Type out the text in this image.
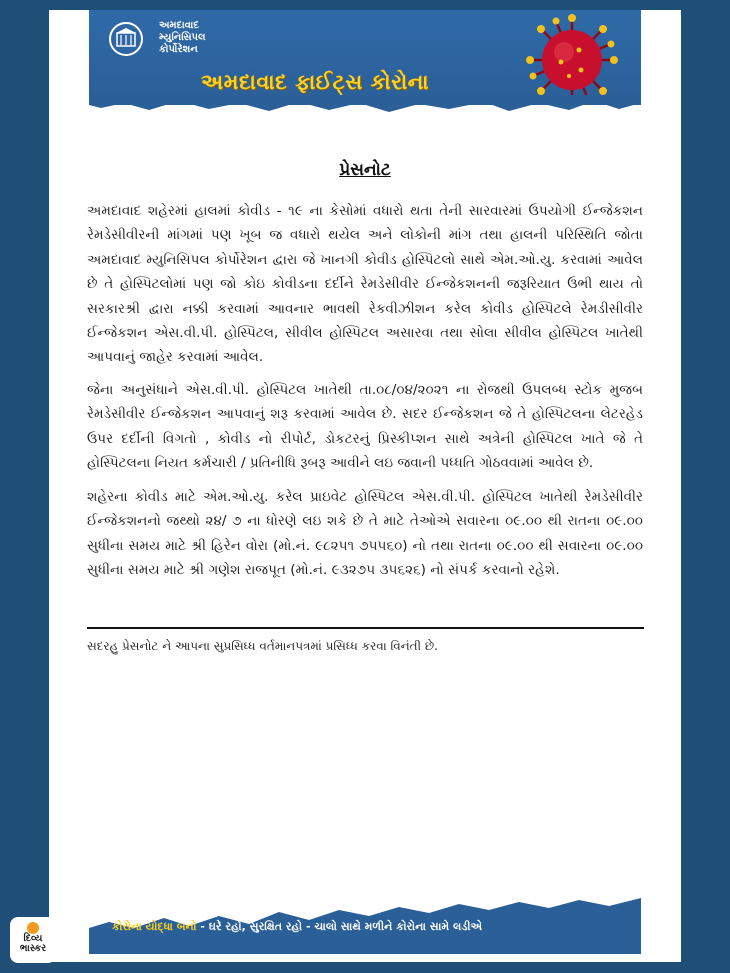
અમદાવાદ
મ્યુનિસિપલ
કોર્પોરેશન
અમદાવાદ ફાઈટ્સ કોરોના
પ્રેસનોટ

અમદાવાદ શહેરમાં હાલમાં કોવીડ - ૧૯ ના કેસોમાં વધારો થતા તેની સારવારમાં ઉપયોગી ઈન્જેકશન રેમડેસીવીરની માંગમાં પણ ખૂબ જ વધારો થયેલ અને લોકોની માંગ તથા હાલની પરિસ્થિતિ જોતા અમદાવાદ મ્યુનિસિપલ કોર્પોરેશન દ્વારા જે ખાનગી કોવીડ હોસ્પિટલો સાથે એમ.ઓ.યુ. કરવામાં આવેલ છે તે હોસ્પિટલોમાં પણ જો કોઇ કોવીડના દર્દીને રેમડેસીવીર ઈન્જેકશનની જરૂરિયાત ઉભી થાય તો સરકારશ્રી દ્વારા નક્કી કરવામાં આવનાર ભાવથી રેકવીઝીશન કરેલ કોવીડ હોસ્પિટલે રેમડીસીવીર ઈન્જેકશન એસ.વી.પી. હોસ્પિટલ, સીવીલ હોસ્પિટલ અસારવા તથા સોલા સીવીલ હોસ્પિટલ ખાતેથી આપવાનું જાહેર કરવામાં આવેલ.

જેના અનુસંધાને એસ.વી.પી. હોસ્પિટલ ખાતેથી તા.૦૮/૦૪/૨૦૨૧ ના રોજથી ઉપલબ્ધ સ્ટોક મુજબ રેમડેસીવીર ઈન્જેકશન આપવાનું શરૂ કરવામાં આવેલ છે. સદર ઈન્જેકશન જે તે હોસ્પિટલના લેટરહેડ ઉપર દર્દીની વિગતો , કોવીડ નો રીપોર્ટ, ડોકટરનું પ્રિસ્કીપ્શન સાથે અત્રેની હોસ્પિટલ ખાતે જે તે હોસ્પિટલના નિયત કર્મચારી / પ્રતિનીધિ રૂબરૂ આવીને લઇ જવાની પધ્ધતિ ગોઠવવામાં આવેલ છે.

શહેરના કોવીડ માટે એમ.ઓ.યુ. કરેલ પ્રાઇવેટ હોસ્પિટલ એસ.વી.પી. હોસ્પિટલ ખાતેથી રેમડેસીવીર ઈન્જેકશનનો જથ્થો ૨૪/ ૭ ના ધોરણે લઇ શકે છે તે માટે તેઓએ સવારના ૦૯.૦૦ થી રાતના ૦૯.૦૦ સુધીના સમય માટે શ્રી હિરેન વોરા (મો.નં. ૯૮૨૫૧ ૭૫૫૬૦) નો તથા રાતના ૦૯.૦૦ થી સવારના ૦૯.૦૦ સુધીના સમય માટે શ્રી ગણેશ રાજપૂત (મો.નં. ૯૩૨૭૫ ૩૫૬૨૬) નો સંપર્ક કરવાનો રહેશે.

સદરહુ પ્રેસનોટ ને આપના સુપ્રસિધ્ધ વર્તમાનપત્રમાં પ્રસિધ્ધ કરવા વિનંતી છે.
કોરોના યોદ્ધા બનો - ઘરે રહો, સુરક્ષિત રહો - ચાલો સાથે મળીને કોરોના સામે લડીએ
દિવ્ય
ભાસ્કર
